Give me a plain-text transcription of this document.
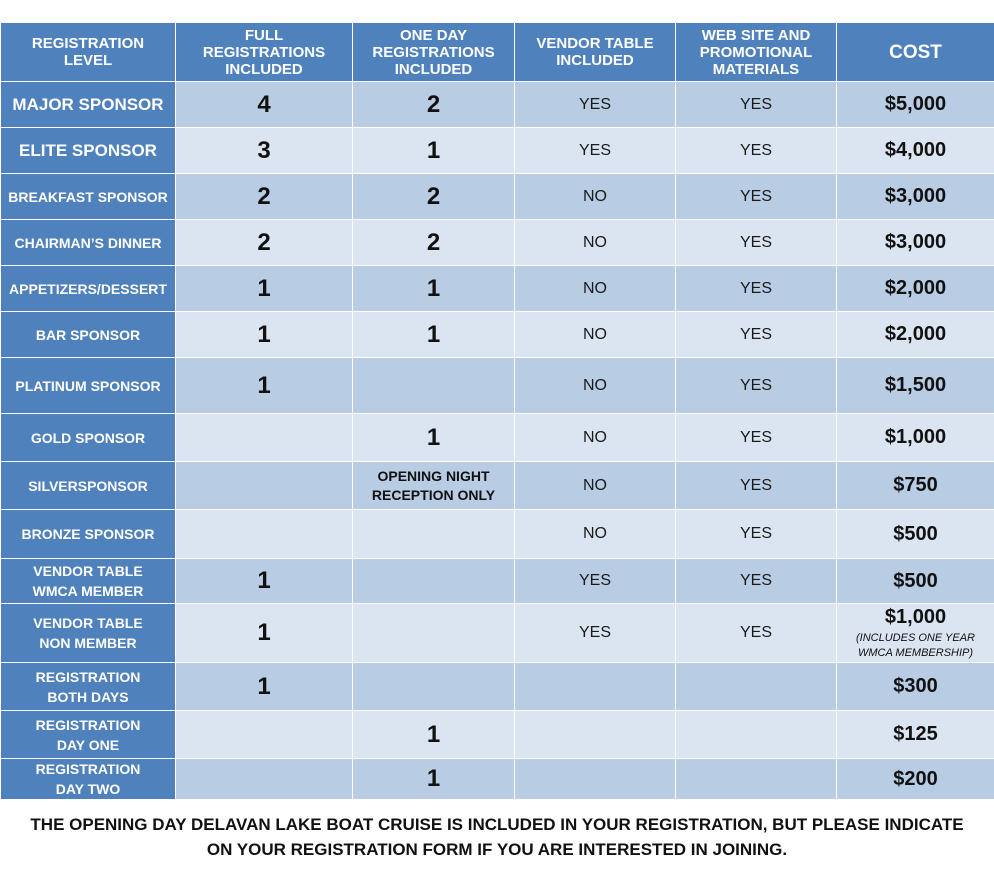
REGISTRATION
LEVEL	FULL
REGISTRATIONS
INCLUDED	ONE DAY
REGISTRATIONS
INCLUDED	VENDOR TABLE
INCLUDED	WEB SITE AND
PROMOTIONAL
MATERIALS	COST

MAJOR SPONSOR	4	2	YES	YES	$5,000

ELITE SPONSOR	3	1	YES	YES	$4,000

BREAKFAST SPONSOR	2	2	NO	YES	$3,000

CHAIRMAN’S DINNER	2	2	NO	YES	$3,000

APPETIZERS/DESSERT	1	1	NO	YES	$2,000

BAR SPONSOR	1	1	NO	YES	$2,000

PLATINUM SPONSOR	1		NO	YES	$1,500

GOLD SPONSOR		1	NO	YES	$1,000

SILVERSPONSOR		OPENING NIGHT
RECEPTION ONLY	NO	YES	$750

BRONZE SPONSOR			NO	YES	$500

VENDOR TABLE
WMCA MEMBER	1		YES	YES	$500

VENDOR TABLE
NON MEMBER	1		YES	YES	$1,000
(INCLUDES ONE YEAR
WMCA MEMBERSHIP)

REGISTRATION
BOTH DAYS	1				$300

REGISTRATION
DAY ONE		1			$125

REGISTRATION
DAY TWO		1			$200
THE OPENING DAY DELAVAN LAKE BOAT CRUISE IS INCLUDED IN YOUR REGISTRATION, BUT PLEASE INDICATE
ON YOUR REGISTRATION FORM IF YOU ARE INTERESTED IN JOINING.
